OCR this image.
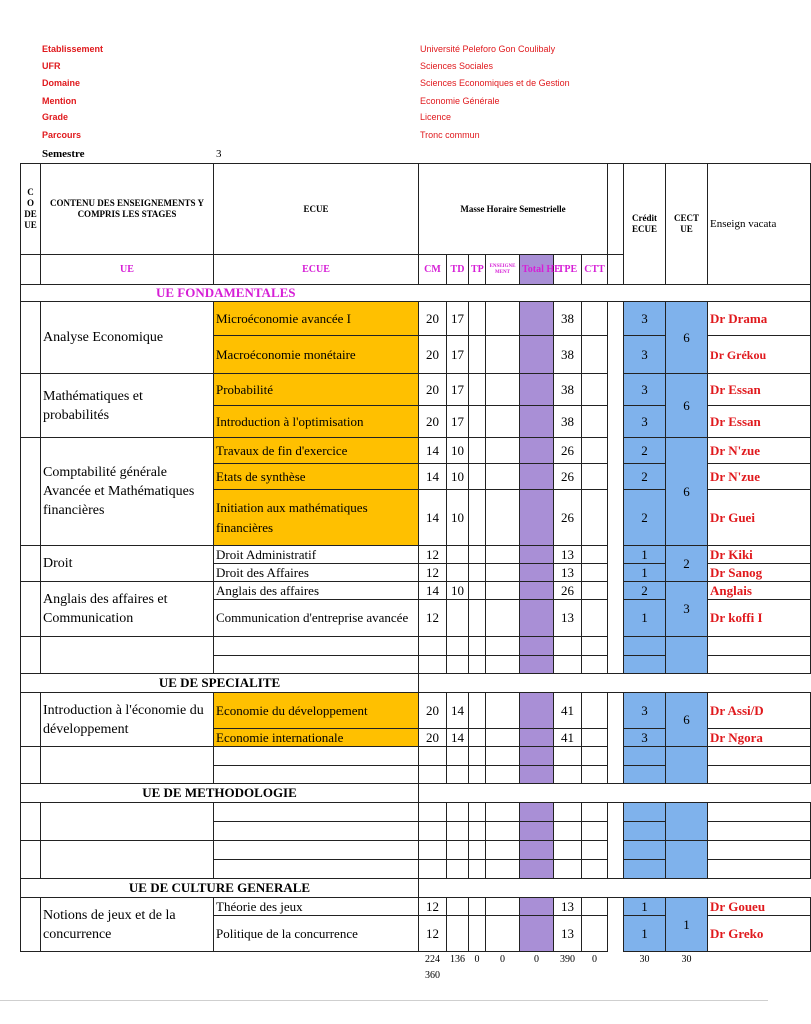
Etablissement	Université Peleforo Gon Coulibaly
UFR	Sciences Sociales
Domaine	Sciences Economiques et de Gestion
Mention	Economie Générale
Grade	Licence
Parcours	Tronc commun
Semestre	3
C O DE UE	CONTENU DES ENSEIGNEMENTS Y COMPRIS LES STAGES	ECUE	Masse Horaire Semestrielle								Crédit ECUE	CECT UE	Enseign vacata
	UE	ECUE	CM	TD	TP	ENSEIGNE MENT	Total HE	TPE	CTT				
UE FONDAMENTALES													
	Analyse Economique	Microéconomie avancée I	20	17				38			3	6	Dr Drama
		Macroéconomie monétaire	20	17				38			3		Dr Grékou
	Mathématiques et probabilités	Probabilité	20	17				38			3	6	Dr Essan
		Introduction à l'optimisation	20	17				38			3		Dr Essan
	Comptabilité générale Avancée et Mathématiques financières	Travaux de fin d'exercice	14	10				26			2	6	Dr N'zue
		Etats de synthèse	14	10				26			2		Dr N'zue
		Initiation aux mathématiques financières	14	10				26			2		Dr Guei
	Droit	Droit Administratif	12					13			1	2	Dr Kiki
		Droit des Affaires	12					13			1		Dr Sanog
	Anglais des affaires et Communication	Anglais des affaires	14	10				26			2	3	Anglais
		Communication d'entreprise avancée	12					13			1		Dr koffi I

UE DE SPECIALITE													
	Introduction à l'économie du développement	Economie du développement	20	14				41			3	6	Dr Assi/D
		Economie internationale	20	14				41			3		Dr Ngora

UE DE METHODOLOGIE													

UE DE CULTURE GENERALE													
	Notions de jeux et de la concurrence	Théorie des jeux	12					13			1	1	Dr Goueu
		Politique de la concurrence	12					13			1		Dr Greko
			224	136	0	0	0	390	0		30	30	
			360										
